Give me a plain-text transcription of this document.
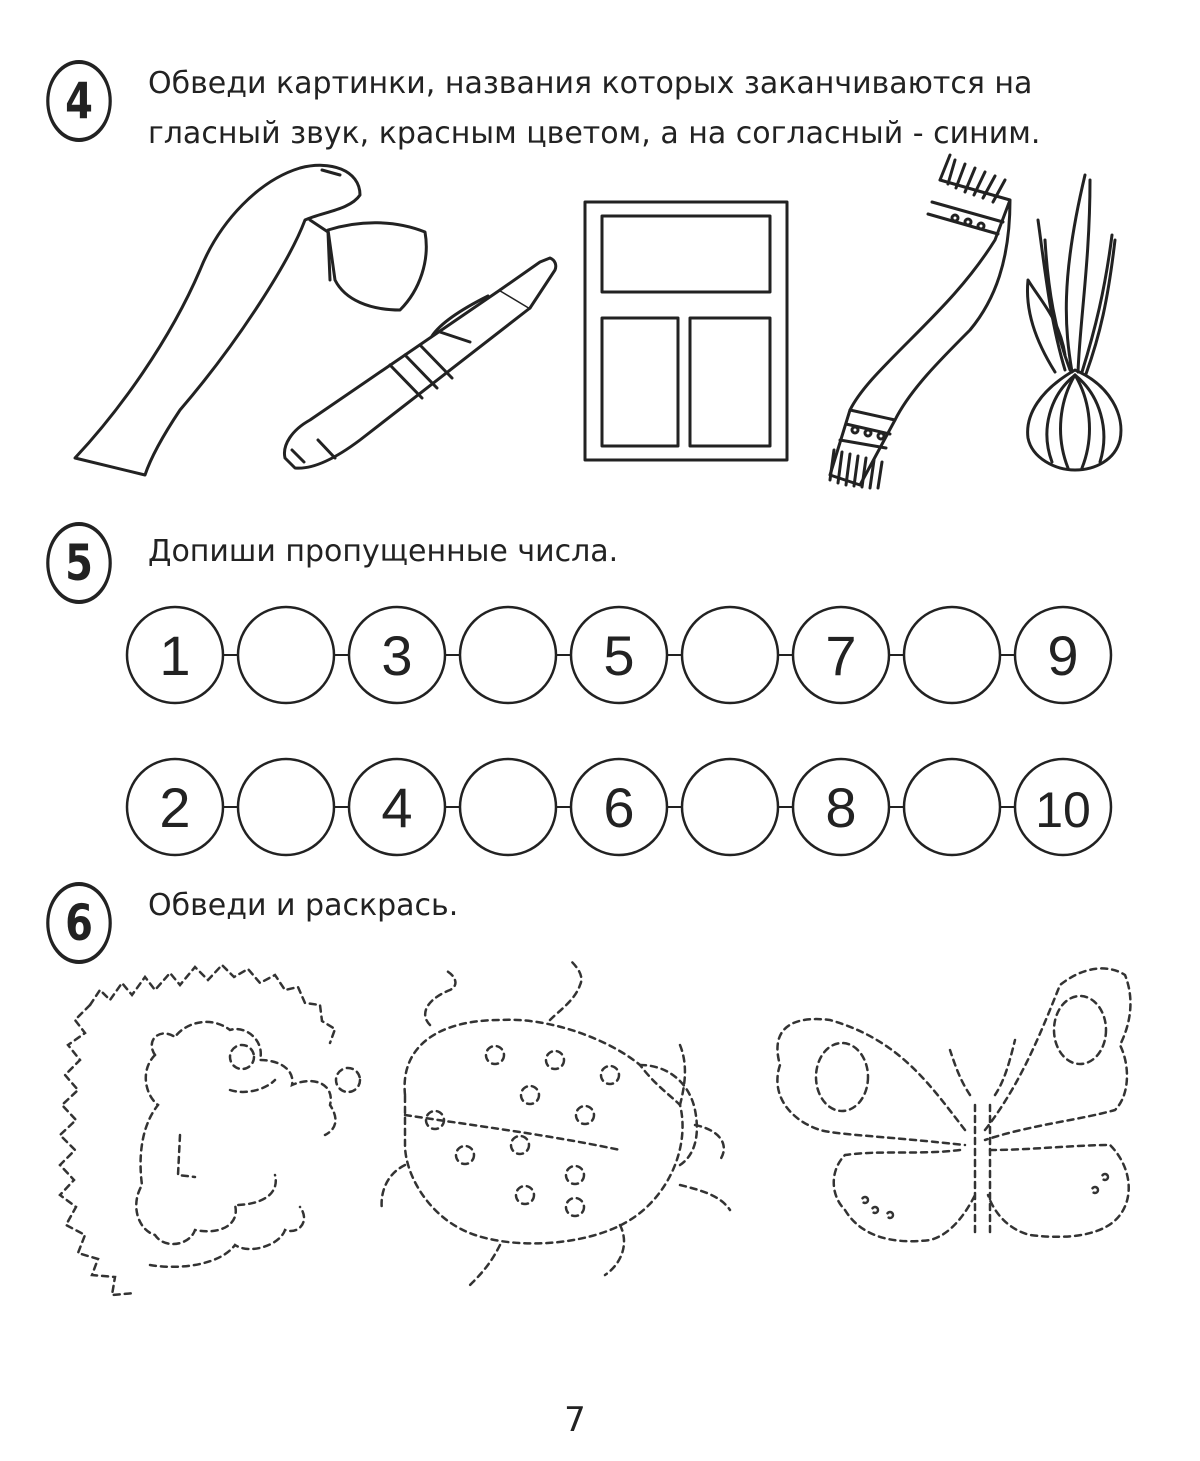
4	Обведи картинки, названия которых заканчиваются на
гласный звук, красным цветом, а на согласный - синим.

5	Допиши пропущенные числа.

1	3	5	7	9
2	4	6	8	10
6	Обведи и раскрась.

7
